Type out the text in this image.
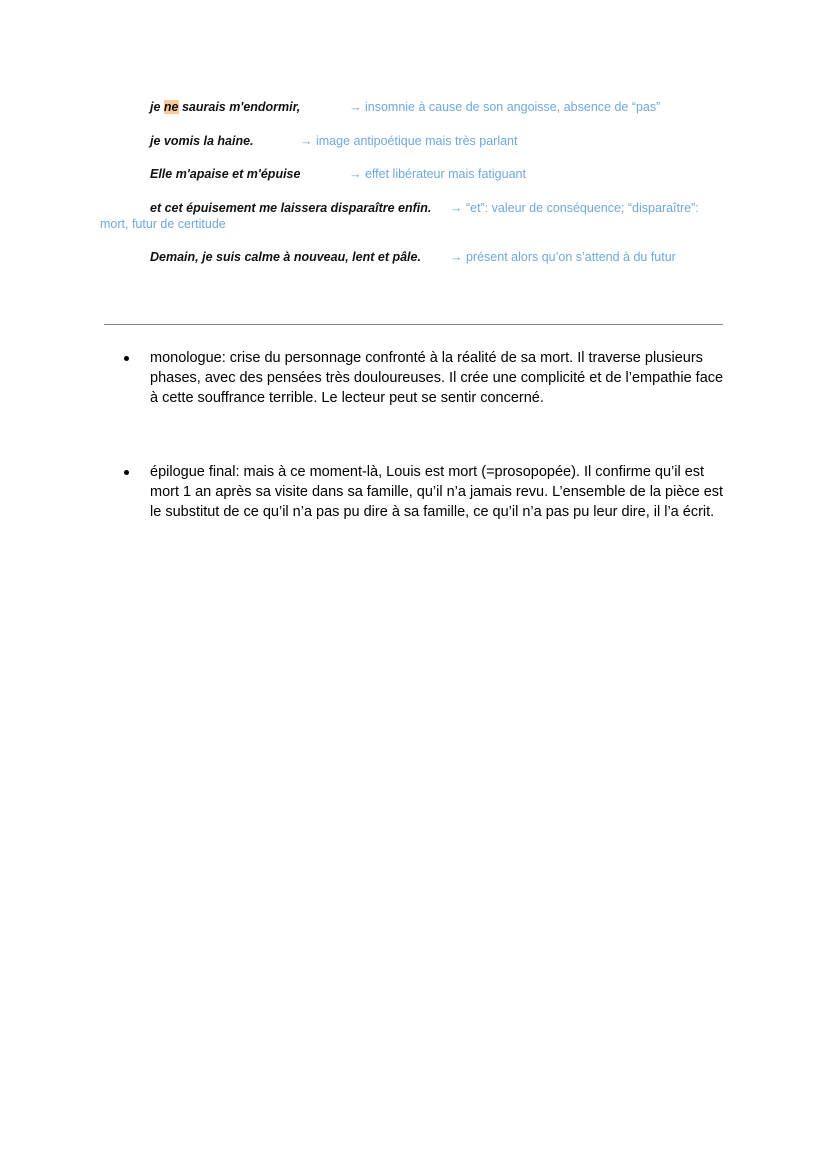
je ne saurais m'endormir,	→ insomnie à cause de son angoisse, absence de “pas”
je vomis la haine.	→ image antipoétique mais très parlant
Elle m'apaise et m'épuise	→ effet libérateur mais fatiguant
et cet épuisement me laissera disparaître enfin. → “et”: valeur de conséquence; “disparaître”:
mort, futur de certitude
Demain, je suis calme à nouveau, lent et pâle. → présent alors qu’on s’attend à du futur
monologue: crise du personnage confronté à la réalité de sa mort. Il traverse plusieurs phases, avec des pensées très douloureuses. Il crée une complicité et de l’empathie face à cette souffrance terrible. Le lecteur peut se sentir concerné.
épilogue final: mais à ce moment-là, Louis est mort (=prosopopée). Il confirme qu’il est mort 1 an après sa visite dans sa famille, qu’il n’a jamais revu. L’ensemble de la pièce est le substitut de ce qu’il n’a pas pu dire à sa famille, ce qu’il n’a pas pu leur dire, il l’a écrit.
